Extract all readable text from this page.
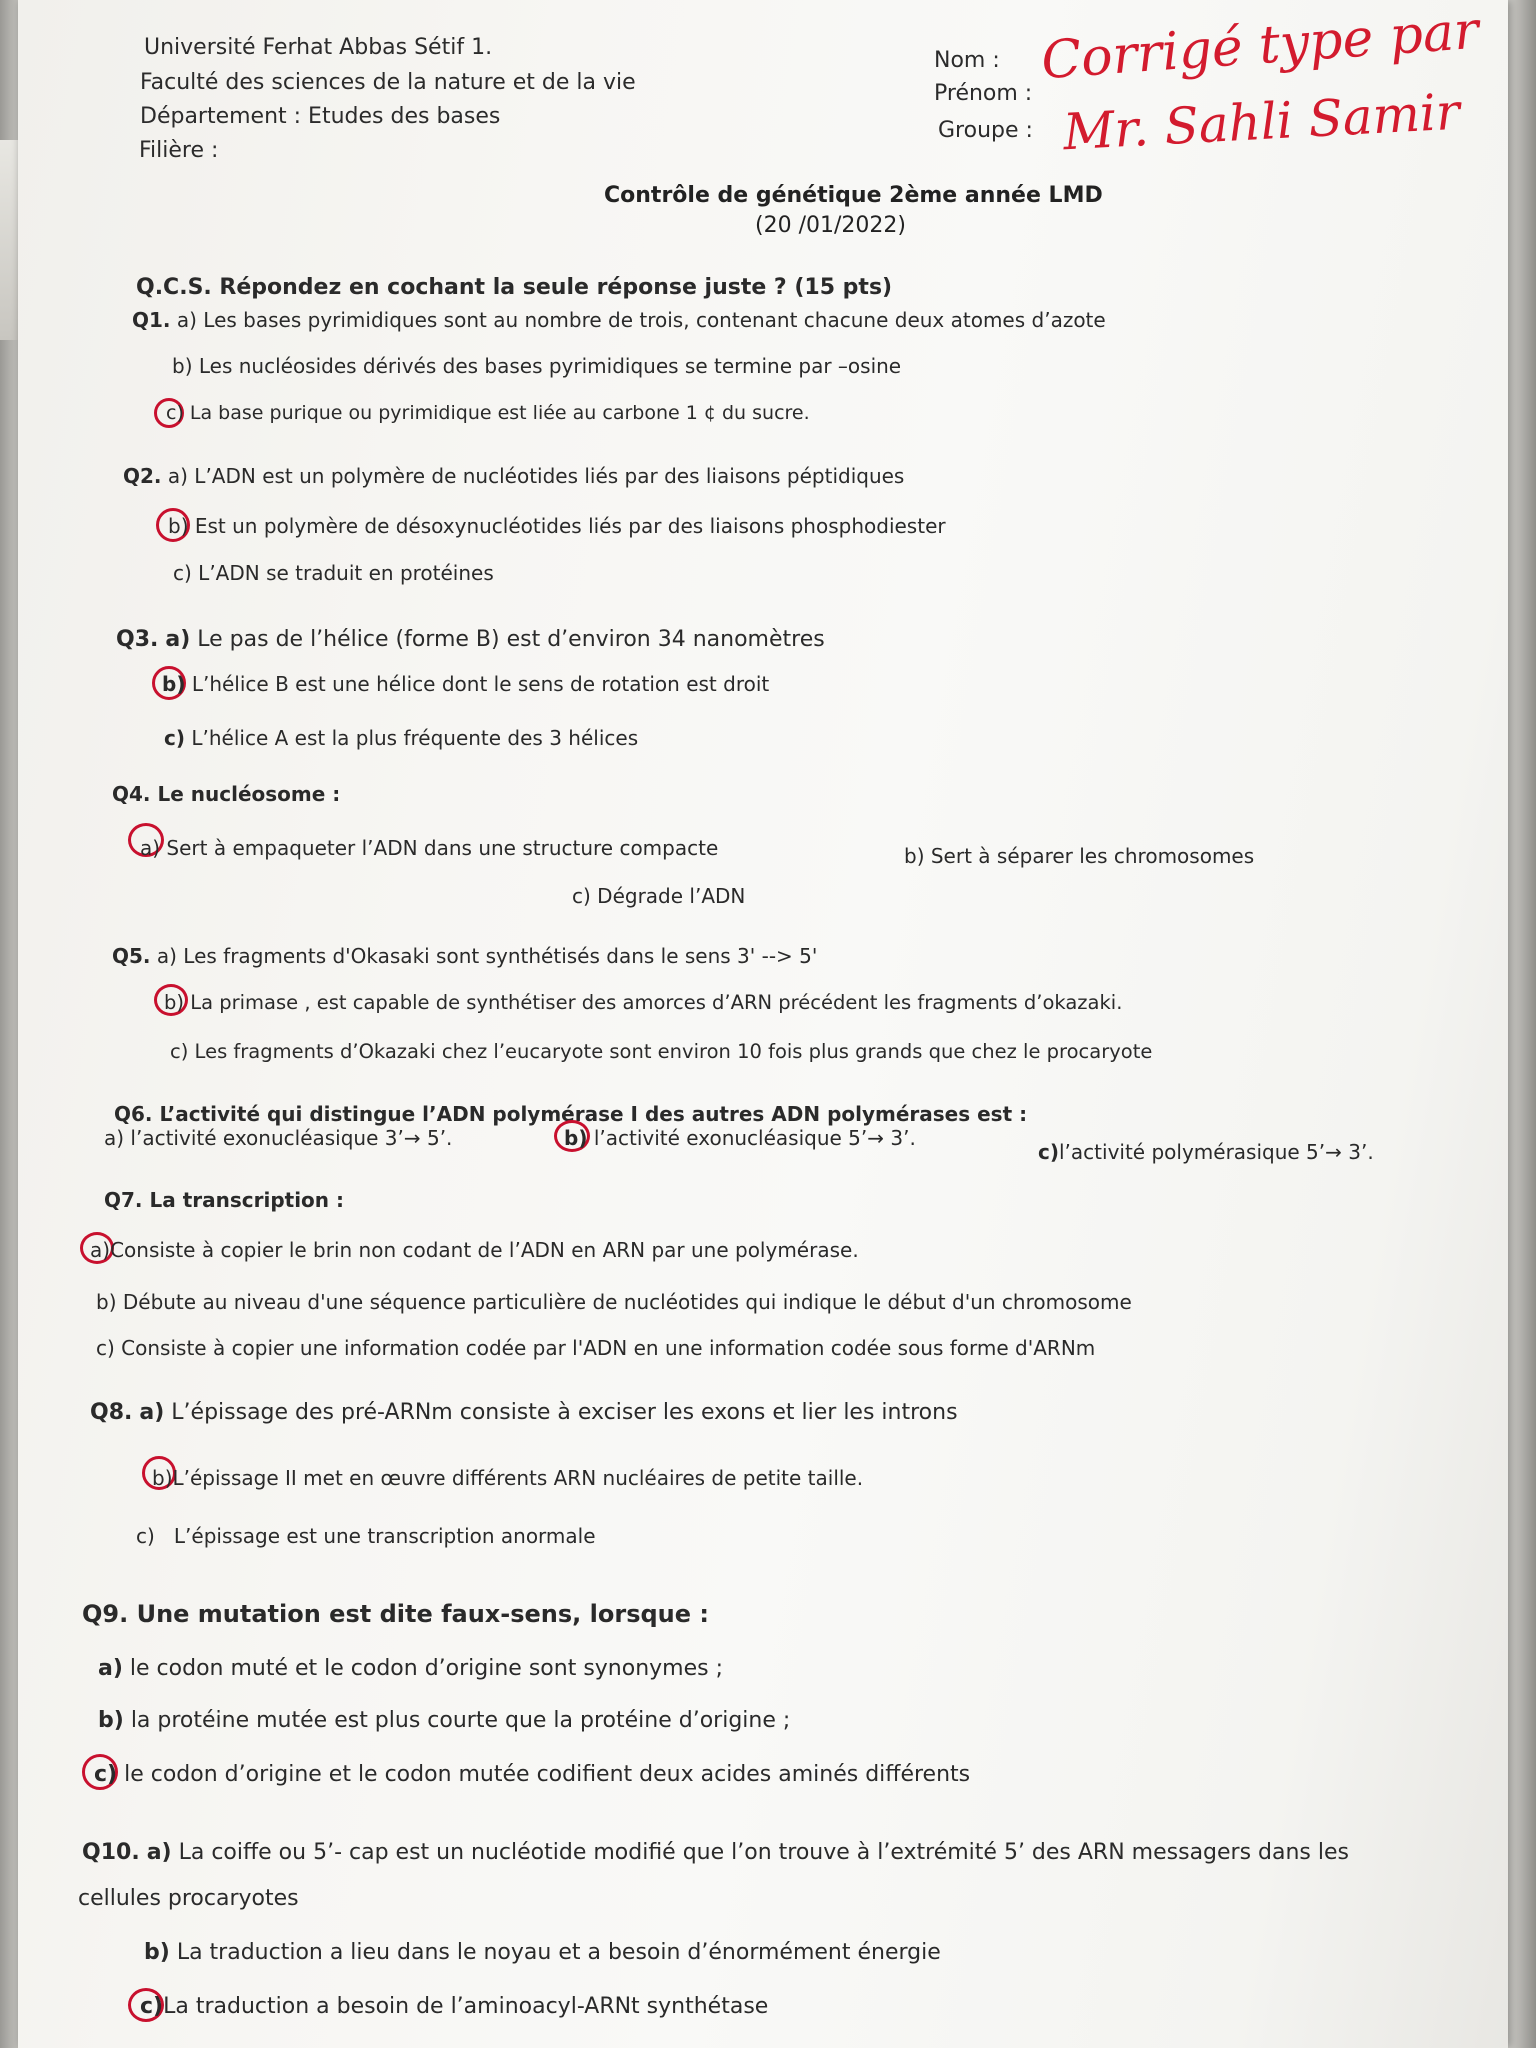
Université Ferhat Abbas Sétif 1.
Faculté des sciences de la nature et de la vie
Département : Etudes des bases
Filière :
Nom :
Prénom :
Groupe :
Corrigé type par
Mr. Sahli Samir
Contrôle de génétique 2ème année LMD
(20 /01/2022)
Q.C.S. Répondez en cochant la seule réponse juste ? (15 pts)
Q1. a) Les bases pyrimidiques sont au nombre de trois, contenant chacune deux atomes d’azote
b) Les nucléosides dérivés des bases pyrimidiques se termine par –osine
c) La base purique ou pyrimidique est liée au carbone 1 ¢ du sucre.
Q2. a) L’ADN est un polymère de nucléotides liés par des liaisons péptidiques
b) Est un polymère de désoxynucléotides liés par des liaisons phosphodiester
c) L’ADN se traduit en protéines
Q3. a) Le pas de l’hélice (forme B) est d’environ 34 nanomètres
b) L’hélice B est une hélice dont le sens de rotation est droit
c) L’hélice A est la plus fréquente des 3 hélices
Q4. Le nucléosome :
a) Sert à empaqueter l’ADN dans une structure compacte	b) Sert à séparer les chromosomes
c) Dégrade l’ADN
Q5. a) Les fragments d'Okasaki sont synthétisés dans le sens 3' --> 5'
b) La primase , est capable de synthétiser des amorces d’ARN précédent les fragments d’okazaki.
c) Les fragments d’Okazaki chez l’eucaryote sont environ 10 fois plus grands que chez le procaryote
Q6. L’activité qui distingue l’ADN polymérase I des autres ADN polymérases est :
a) l’activité exonucléasique 3’→ 5’.	b) l’activité exonucléasique 5’→ 3’.
c)l’activité polymérasique 5’→ 3’.
Q7. La transcription :
a)Consiste à copier le brin non codant de l’ADN en ARN par une polymérase.
b) Débute au niveau d'une séquence particulière de nucléotides qui indique le début d'un chromosome
c) Consiste à copier une information codée par l'ADN en une information codée sous forme d'ARNm
Q8. a) L’épissage des pré-ARNm consiste à exciser les exons et lier les introns
b)L’épissage II met en œuvre différents ARN nucléaires de petite taille.
c) L’épissage est une transcription anormale
Q9. Une mutation est dite faux-sens, lorsque :
a) le codon muté et le codon d’origine sont synonymes ;
b) la protéine mutée est plus courte que la protéine d’origine ;
c) le codon d’origine et le codon mutée codifient deux acides aminés différents
Q10. a) La coiffe ou 5’- cap est un nucléotide modifié que l’on trouve à l’extrémité 5’ des ARN messagers dans les
cellules procaryotes
b) La traduction a lieu dans le noyau et a besoin d’énormément énergie
c)La traduction a besoin de l’aminoacyl-ARNt synthétase
